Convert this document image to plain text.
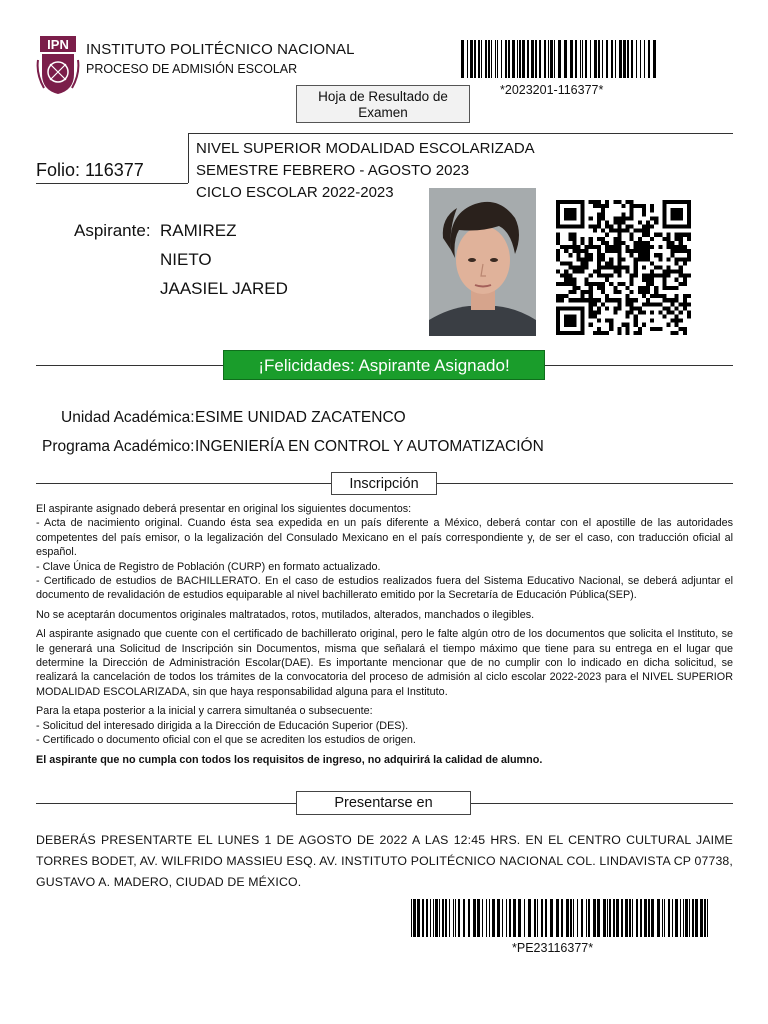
IPN INSTITUTO POLITÉCNICO NACIONAL
PROCESO DE ADMISIÓN ESCOLAR
*2023201-116377*
Hoja de Resultado de
Examen
NIVEL SUPERIOR MODALIDAD ESCOLARIZADA
SEMESTRE FEBRERO - AGOSTO 2023
CICLO ESCOLAR 2022-2023
Folio: 116377
Aspirante: RAMIREZ
NIETO
JAASIEL JARED
¡Felicidades: Aspirante Asignado!
Unidad Académica: ESIME UNIDAD ZACATENCO
Programa Académico: INGENIERÍA EN CONTROL Y AUTOMATIZACIÓN
Inscripción

El aspirante asignado deberá presentar en original los siguientes documentos:
- Acta de nacimiento original. Cuando ésta sea expedida en un país diferente a México, deberá contar con el apostille de las autoridades competentes del país emisor, o la legalización del Consulado Mexicano en el país correspondiente y, de ser el caso, con traducción oficial al español.
- Clave Única de Registro de Población (CURP) en formato actualizado.
- Certificado de estudios de BACHILLERATO. En el caso de estudios realizados fuera del Sistema Educativo Nacional, se deberá adjuntar el documento de revalidación de estudios equiparable al nivel bachillerato emitido por la Secretaría de Educación Pública(SEP).

No se aceptarán documentos originales maltratados, rotos, mutilados, alterados, manchados o ilegibles.

Al aspirante asignado que cuente con el certificado de bachillerato original, pero le falte algún otro de los documentos que solicita el Instituto, se le generará una Solicitud de Inscripción sin Documentos, misma que señalará el tiempo máximo que tiene para su entrega en el lugar que determine la Dirección de Administración Escolar(DAE). Es importante mencionar que de no cumplir con lo indicado en dicha solicitud, se realizará la cancelación de todos los trámites de la convocatoria del proceso de admisión al ciclo escolar 2022-2023 para el NIVEL SUPERIOR MODALIDAD ESCOLARIZADA, sin que haya responsabilidad alguna para el Instituto.

Para la etapa posterior a la inicial y carrera simultanéa o subsecuente:
- Solicitud del interesado dirigida a la Dirección de Educación Superior (DES).
- Certificado o documento oficial con el que se acrediten los estudios de origen.

El aspirante que no cumpla con todos los requisitos de ingreso, no adquirirá la calidad de alumno.

Presentarse en
DEBERÁS PRESENTARTE EL LUNES 1 DE AGOSTO DE 2022 A LAS 12:45 HRS. EN EL CENTRO CULTURAL JAIME TORRES BODET, AV. WILFRIDO MASSIEU ESQ. AV. INSTITUTO POLITÉCNICO NACIONAL COL. LINDAVISTA CP 07738, GUSTAVO A. MADERO, CIUDAD DE MÉXICO.
*PE23116377*
